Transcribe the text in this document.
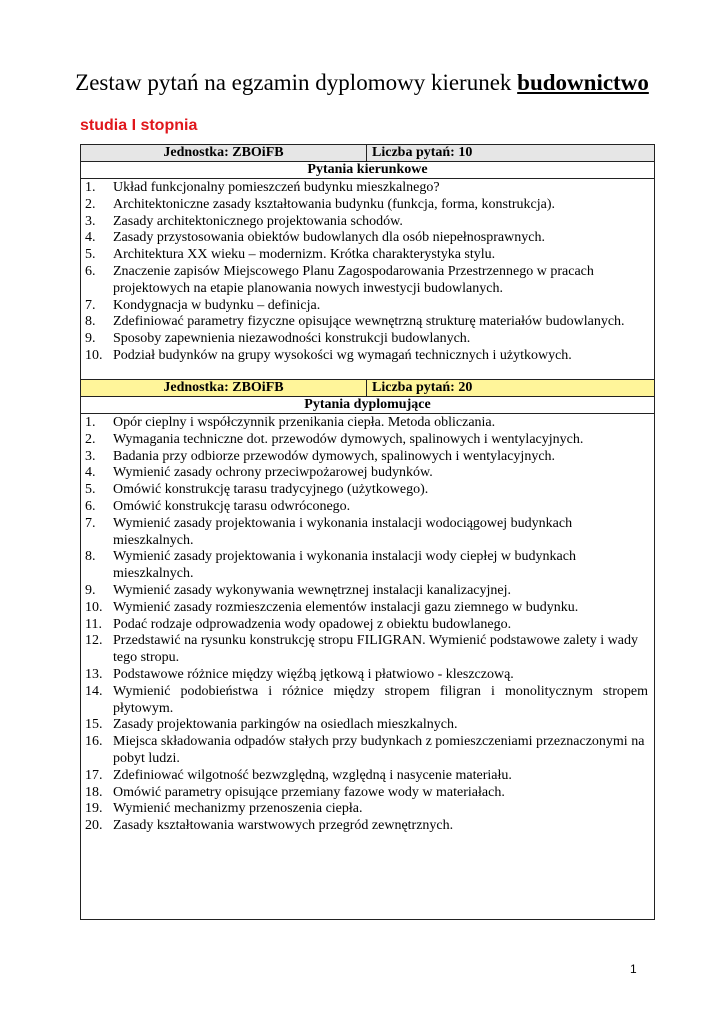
Zestaw pytań na egzamin dyplomowy kierunek budownictwo
studia I stopnia
Jednostka: ZBOiFB	Liczba pytań: 10
Pytania kierunkowe
1. Układ funkcjonalny pomieszczeń budynku mieszkalnego?
2. Architektoniczne zasady kształtowania budynku (funkcja, forma, konstrukcja).
3. Zasady architektonicznego projektowania schodów.
4. Zasady przystosowania obiektów budowlanych dla osób niepełnosprawnych.
5. Architektura XX wieku – modernizm. Krótka charakterystyka stylu.
6. Znaczenie zapisów Miejscowego Planu Zagospodarowania Przestrzennego w pracach projektowych na etapie planowania nowych inwestycji budowlanych.
7. Kondygnacja w budynku – definicja.
8. Zdefiniować parametry fizyczne opisujące wewnętrzną strukturę materiałów budowlanych.
9. Sposoby zapewnienia niezawodności konstrukcji budowlanych.
10. Podział budynków na grupy wysokości wg wymagań technicznych i użytkowych.
Jednostka: ZBOiFB	Liczba pytań: 20
Pytania dyplomujące
1. Opór cieplny i współczynnik przenikania ciepła. Metoda obliczania.
2. Wymagania techniczne dot. przewodów dymowych, spalinowych i wentylacyjnych.
3. Badania przy odbiorze przewodów dymowych, spalinowych i wentylacyjnych.
4. Wymienić zasady ochrony przeciwpożarowej budynków.
5. Omówić konstrukcję tarasu tradycyjnego (użytkowego).
6. Omówić konstrukcję tarasu odwróconego.
7. Wymienić zasady projektowania i wykonania instalacji wodociągowej budynkach mieszkalnych.
8. Wymienić zasady projektowania i wykonania instalacji wody ciepłej w budynkach mieszkalnych.
9. Wymienić zasady wykonywania wewnętrznej instalacji kanalizacyjnej.
10. Wymienić zasady rozmieszczenia elementów instalacji gazu ziemnego w budynku.
11. Podać rodzaje odprowadzenia wody opadowej z obiektu budowlanego.
12. Przedstawić na rysunku konstrukcję stropu FILIGRAN. Wymienić podstawowe zalety i wady tego stropu.
13. Podstawowe różnice między więźbą jętkową i płatwiowo - kleszczową.
14. Wymienić podobieństwa i różnice między stropem filigran i monolitycznym stropem płytowym.
15. Zasady projektowania parkingów na osiedlach mieszkalnych.
16. Miejsca składowania odpadów stałych przy budynkach z pomieszczeniami przeznaczonymi na pobyt ludzi.
17. Zdefiniować wilgotność bezwzględną, względną i nasycenie materiału.
18. Omówić parametry opisujące przemiany fazowe wody w materiałach.
19. Wymienić mechanizmy przenoszenia ciepła.
20. Zasady kształtowania warstwowych przegród zewnętrznych.
1
